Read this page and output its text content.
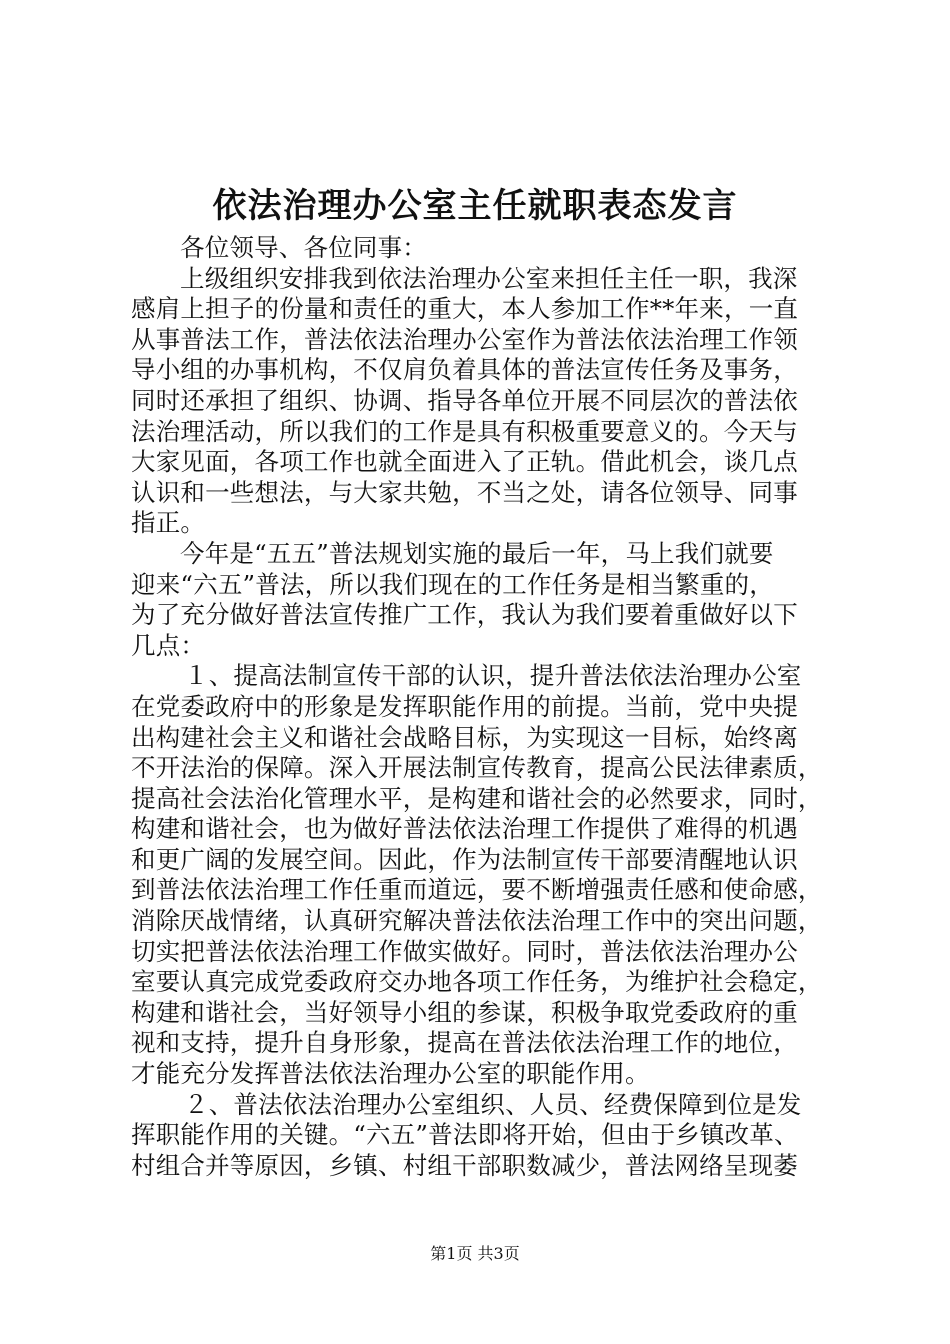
依法治理办公室主任就职表态发言
各位领导、各位同事：
上级组织安排我到依法治理办公室来担任主任一职，我深
感肩上担子的份量和责任的重大，本人参加工作**年来，一直
从事普法工作，普法依法治理办公室作为普法依法治理工作领
导小组的办事机构，不仅肩负着具体的普法宣传任务及事务，
同时还承担了组织、协调、指导各单位开展不同层次的普法依
法治理活动，所以我们的工作是具有积极重要意义的。今天与
大家见面，各项工作也就全面进入了正轨。借此机会，谈几点
认识和一些想法，与大家共勉，不当之处，请各位领导、同事
指正。
今年是“五五”普法规划实施的最后一年，马上我们就要
迎来“六五”普法，所以我们现在的工作任务是相当繁重的，
为了充分做好普法宣传推广工作，我认为我们要着重做好以下
几点：
１、提高法制宣传干部的认识，提升普法依法治理办公室
在党委政府中的形象是发挥职能作用的前提。当前，党中央提
出构建社会主义和谐社会战略目标，为实现这一目标，始终离
不开法治的保障。深入开展法制宣传教育，提高公民法律素质，
提高社会法治化管理水平，是构建和谐社会的必然要求，同时，
构建和谐社会，也为做好普法依法治理工作提供了难得的机遇
和更广阔的发展空间。因此，作为法制宣传干部要清醒地认识
到普法依法治理工作任重而道远，要不断增强责任感和使命感，
消除厌战情绪，认真研究解决普法依法治理工作中的突出问题，
切实把普法依法治理工作做实做好。同时，普法依法治理办公
室要认真完成党委政府交办地各项工作任务，为维护社会稳定，
构建和谐社会，当好领导小组的参谋，积极争取党委政府的重
视和支持，提升自身形象，提高在普法依法治理工作的地位，
才能充分发挥普法依法治理办公室的职能作用。
２、普法依法治理办公室组织、人员、经费保障到位是发
挥职能作用的关键。“六五”普法即将开始，但由于乡镇改革、
村组合并等原因，乡镇、村组干部职数减少，普法网络呈现萎
第1页 共3页
